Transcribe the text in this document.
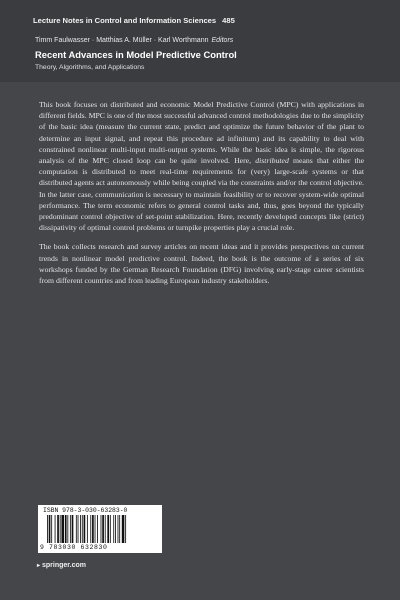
Lecture Notes in Control and Information Sciences 485
Timm Faulwasser · Matthias A. Müller · Karl Worthmann Editors
Recent Advances in Model Predictive Control
Theory, Algorithms, and Applications

This book focuses on distributed and economic Model Predictive Control (MPC) with applications in different fields. MPC is one of the most successful advanced control methodologies due to the simplicity of the basic idea (measure the current state, predict and optimize the future behavior of the plant to determine an input signal, and repeat this procedure ad infinitum) and its capability to deal with constrained nonlinear multi-input multi-output systems. While the basic idea is simple, the rigorous analysis of the MPC closed loop can be quite involved. Here, distributed means that either the computation is distributed to meet real-time requirements for (very) large-scale systems or that distributed agents act autonomously while being coupled via the constraints and/or the control objective. In the latter case, communication is necessary to maintain feasibility or to recover system-wide optimal performance. The term economic refers to general control tasks and, thus, goes beyond the typically predominant control objective of set-point stabilization. Here, recently developed concepts like (strict) dissipativity of optimal control problems or turnpike properties play a crucial role.

The book collects research and survey articles on recent ideas and it provides perspectives on current trends in nonlinear model predictive control. Indeed, the book is the outcome of a series of six workshops funded by the German Research Foundation (DFG) involving early-stage career scientists from different countries and from leading European industry stakeholders.

ISBN 978-3-030-63283-0
9 783030 632830
▸ springer.com
